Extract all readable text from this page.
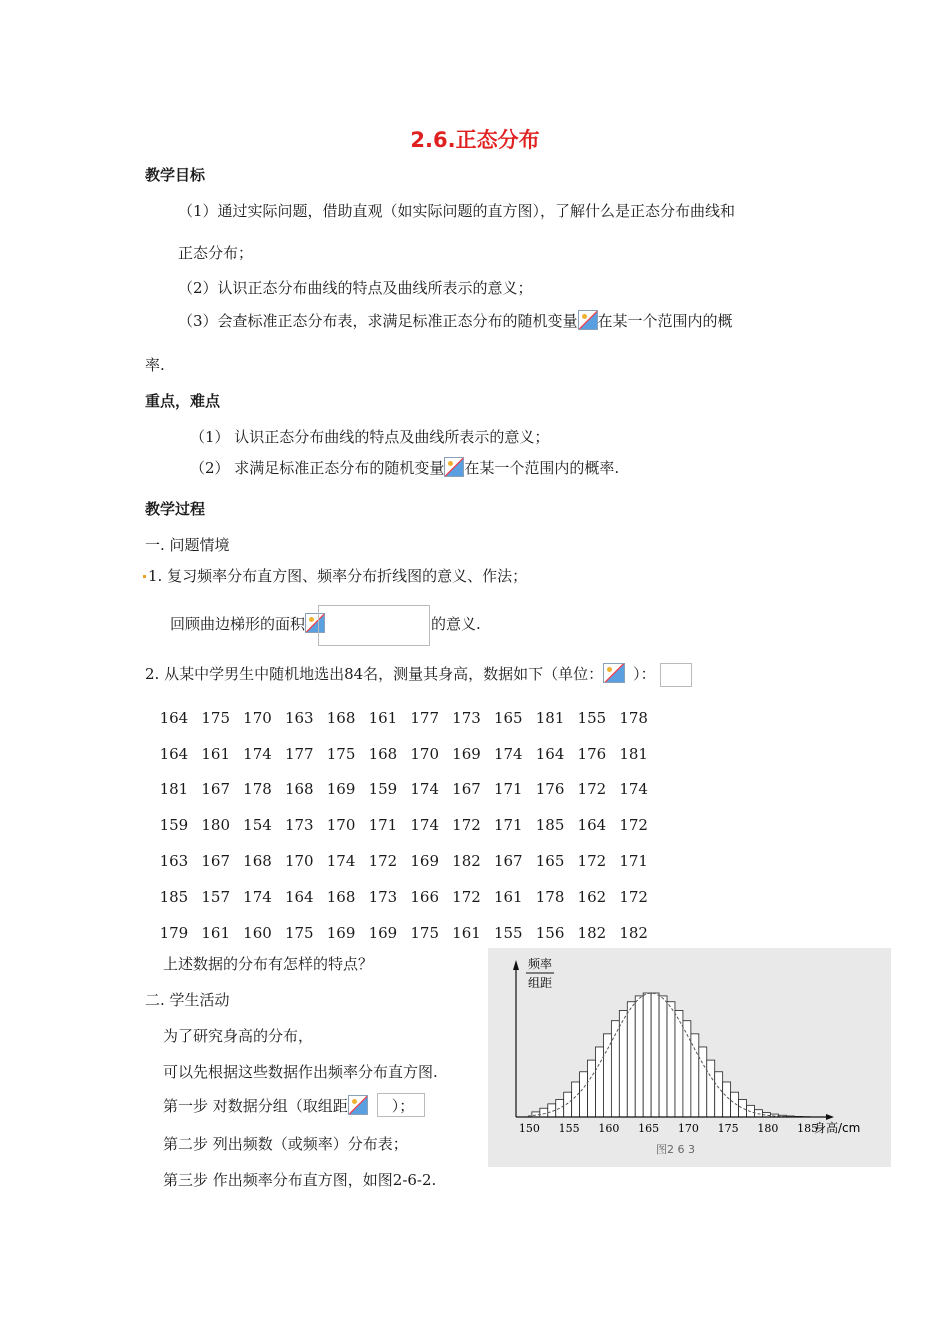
2.6.正态分布
教学目标
（1）通过实际问题，借助直观（如实际问题的直方图），了解什么是正态分布曲线和
正态分布；
（2）认识正态分布曲线的特点及曲线所表示的意义；
（3）会查标准正态分布表，求满足标准正态分布的随机变量 在某一个范围内的概
率.
重点，难点
（1） 认识正态分布曲线的特点及曲线所表示的意义；
（2） 求满足标准正态分布的随机变量 在某一个范围内的概率.
教学过程
一. 问题情境
1. 复习频率分布直方图、频率分布折线图的意义、作法；
回顾曲边梯形的面积	的意义.
2. 从某中学男生中随机地选出84名，测量其身高，数据如下（单位： ）：
164	175	170	163	168	161	177	173	165	181	155	178
164	161	174	177	175	168	170	169	174	164	176	181
181	167	178	168	169	159	174	167	171	176	172	174
159	180	154	173	170	171	174	172	171	185	164	172
163	167	168	170	174	172	169	182	167	165	172	171
185	157	174	164	168	173	166	172	161	178	162	172
179	161	160	175	169	169	175	161	155	156	182	182
上述数据的分布有怎样的特点？
二. 学生活动
为了研究身高的分布，
可以先根据这些数据作出频率分布直方图.
第一步 对数据分组（取组距	）；
第二步 列出频数（或频率）分布表；
第三步 作出频率分布直方图，如图2-6-2.
频率
组距
150 155 160 165 170 175 180 185
身高/cm
图2 6 3
